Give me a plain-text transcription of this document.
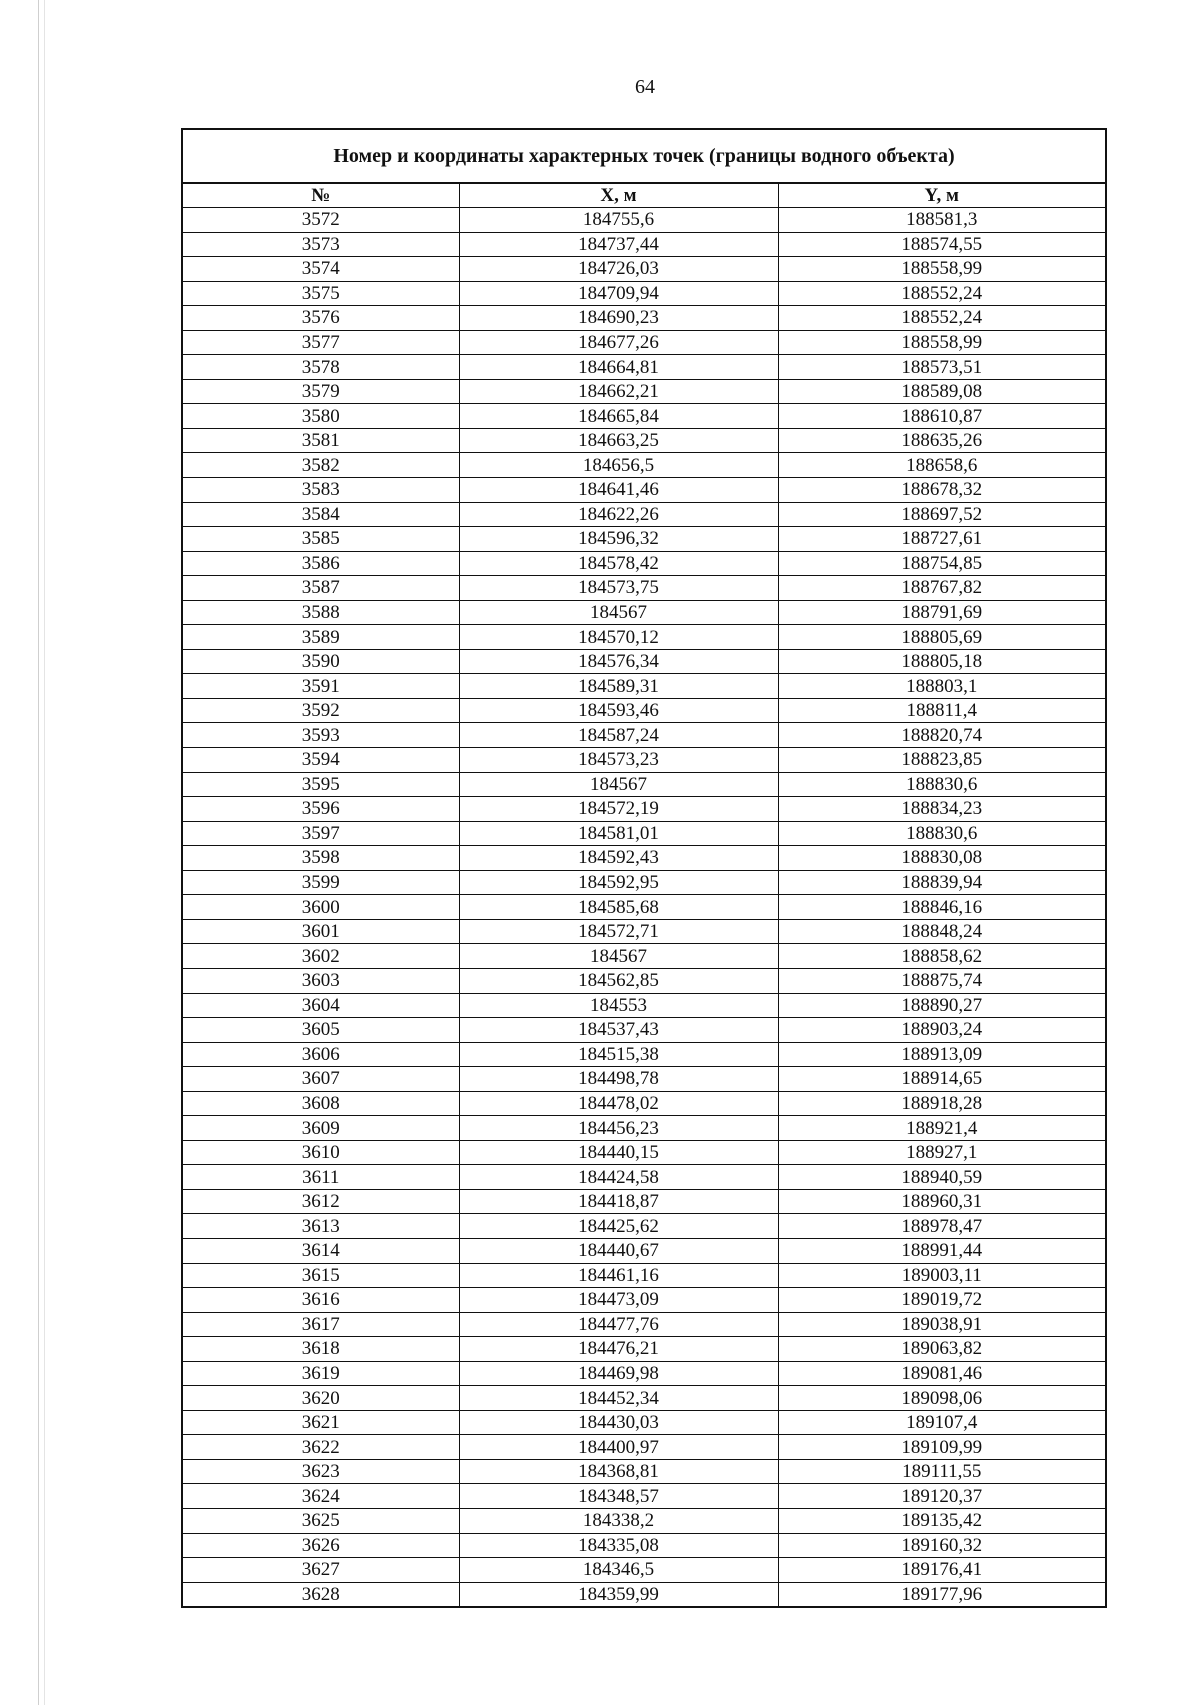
64
Номер и координаты характерных точек (границы водного объекта)		
№	X, м	Y, м
3572	184755,6	188581,3
3573	184737,44	188574,55
3574	184726,03	188558,99
3575	184709,94	188552,24
3576	184690,23	188552,24
3577	184677,26	188558,99
3578	184664,81	188573,51
3579	184662,21	188589,08
3580	184665,84	188610,87
3581	184663,25	188635,26
3582	184656,5	188658,6
3583	184641,46	188678,32
3584	184622,26	188697,52
3585	184596,32	188727,61
3586	184578,42	188754,85
3587	184573,75	188767,82
3588	184567	188791,69
3589	184570,12	188805,69
3590	184576,34	188805,18
3591	184589,31	188803,1
3592	184593,46	188811,4
3593	184587,24	188820,74
3594	184573,23	188823,85
3595	184567	188830,6
3596	184572,19	188834,23
3597	184581,01	188830,6
3598	184592,43	188830,08
3599	184592,95	188839,94
3600	184585,68	188846,16
3601	184572,71	188848,24
3602	184567	188858,62
3603	184562,85	188875,74
3604	184553	188890,27
3605	184537,43	188903,24
3606	184515,38	188913,09
3607	184498,78	188914,65
3608	184478,02	188918,28
3609	184456,23	188921,4
3610	184440,15	188927,1
3611	184424,58	188940,59
3612	184418,87	188960,31
3613	184425,62	188978,47
3614	184440,67	188991,44
3615	184461,16	189003,11
3616	184473,09	189019,72
3617	184477,76	189038,91
3618	184476,21	189063,82
3619	184469,98	189081,46
3620	184452,34	189098,06
3621	184430,03	189107,4
3622	184400,97	189109,99
3623	184368,81	189111,55
3624	184348,57	189120,37
3625	184338,2	189135,42
3626	184335,08	189160,32
3627	184346,5	189176,41
3628	184359,99	189177,96
